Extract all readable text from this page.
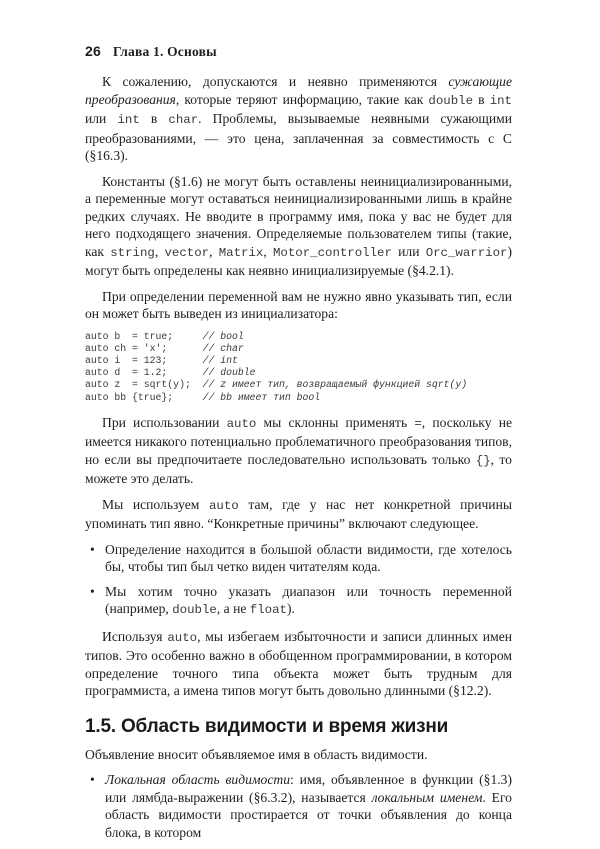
26 Глава 1. Основы

К сожалению, допускаются и неявно применяются сужающие преобразования, которые теряют информацию, такие как double в int или int в char. Проблемы, вызываемые неявными сужающими преобразованиями, — это цена, заплаченная за совместимость с С (§16.3).

Константы (§1.6) не могут быть оставлены неинициализированными, а переменные могут оставаться неинициализированными лишь в крайне редких случаях. Не вводите в программу имя, пока у вас не будет для него подходящего значения. Определяемые пользователем типы (такие, как string, vector, Matrix, Motor_controller или Orc_warrior) могут быть определены как неявно инициализируемые (§4.2.1).

При определении переменной вам не нужно явно указывать тип, если он может быть выведен из инициализатора:

auto b  = true;     // bool
auto ch = 'x';      // char
auto i  = 123;      // int
auto d  = 1.2;      // double
auto z  = sqrt(y);  // z имеет тип, возвращаемый функцией sqrt(y)
auto bb {true};     // bb имеет тип bool

При использовании auto мы склонны применять =, поскольку не имеется никакого потенциально проблематичного преобразования типов, но если вы предпочитаете последовательно использовать только {}, то можете это делать.

Мы используем auto там, где у нас нет конкретной причины упоминать тип явно. “Конкретные причины” включают следующее.

• Определение находится в большой области видимости, где хотелось бы, чтобы тип был четко виден читателям кода.
• Мы хотим точно указать диапазон или точность переменной (например, double, а не float).

Используя auto, мы избегаем избыточности и записи длинных имен типов. Это особенно важно в обобщенном программировании, в котором определение точного типа объекта может быть трудным для программиста, а имена типов могут быть довольно длинными (§12.2).

1.5. Область видимости и время жизни

Объявление вносит объявляемое имя в область видимости.

• Локальная область видимости: имя, объявленное в функции (§1.3) или лямбда-выражении (§6.3.2), называется локальным именем. Его область видимости простирается от точки объявления до конца блока, в котором
